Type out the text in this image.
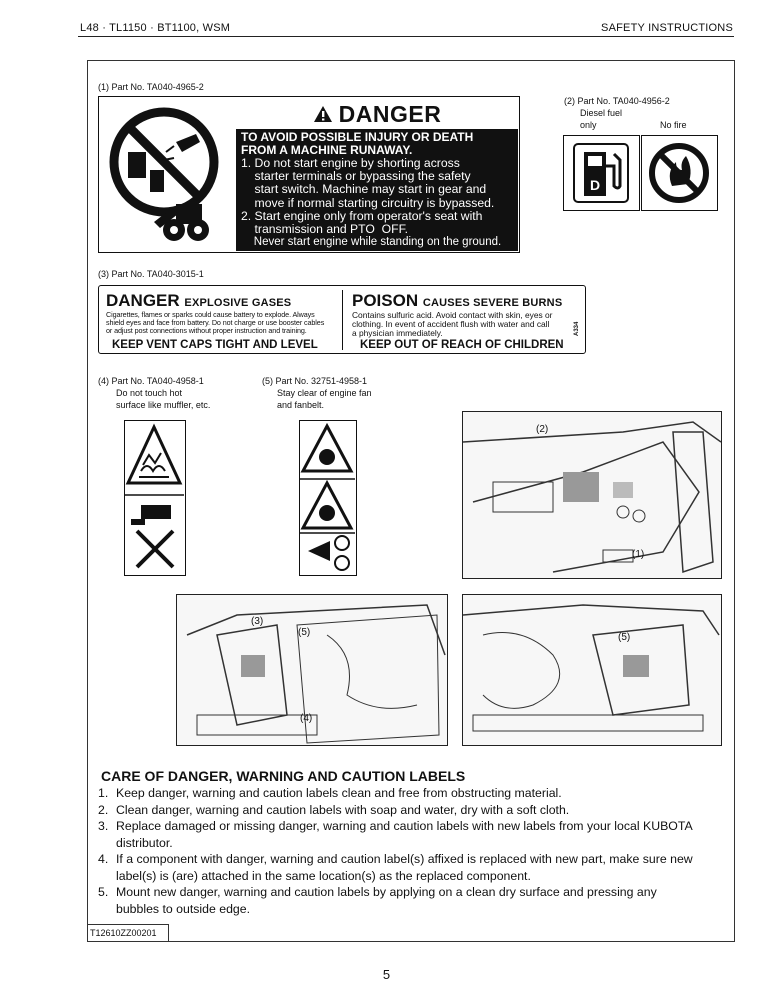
L48 · TL1150 · BT1100, WSM	SAFETY INSTRUCTIONS
(1) Part No. TA040-4965-2
DANGER
TO AVOID POSSIBLE INJURY OR DEATH
FROM A MACHINE RUNAWAY.
1. Do not start engine by shorting across
starter terminals or bypassing the safety
start switch. Machine may start in gear and
move if normal starting circuitry is bypassed.
2. Start engine only from operator's seat with
transmission and PTO  OFF.
Never start engine while standing on the ground.
(2) Part No. TA040-4956-2
Diesel fuel
only	No fire
D
(3) Part No. TA040-3015-1
DANGER EXPLOSIVE GASES
Cigarettes, flames or sparks could cause battery to explode. Always
shield eyes and face from battery. Do not charge or use booster cables
or adjust post connections without proper instruction and training.
KEEP VENT CAPS TIGHT AND LEVEL
POISON CAUSES SEVERE BURNS
Contains sulfuric acid. Avoid contact with skin, eyes or
clothing. In event of accident flush with water and call
a physician immediately.
KEEP OUT OF REACH OF CHILDREN
A334
(4) Part No. TA040-4958-1
Do not touch hot
surface like muffler, etc.
(5) Part No. 32751-4958-1
Stay clear of engine fan
and fanbelt.
(2)
(1)
(3)
(5)
(4)
(5)
CARE OF DANGER, WARNING AND CAUTION LABELS
1. Keep danger, warning and caution labels clean and free from obstructing material.
2. Clean danger, warning and caution labels with soap and water, dry with a soft cloth.
3. Replace damaged or missing danger, warning and caution labels with new labels from your local KUBOTA
distributor.
4. If a component with danger, warning and caution label(s) affixed is replaced with new part, make sure new
label(s) is (are) attached in the same location(s) as the replaced component.
5. Mount new danger, warning and caution labels by applying on a clean dry surface and pressing any
bubbles to outside edge.
T12610ZZ00201
5
